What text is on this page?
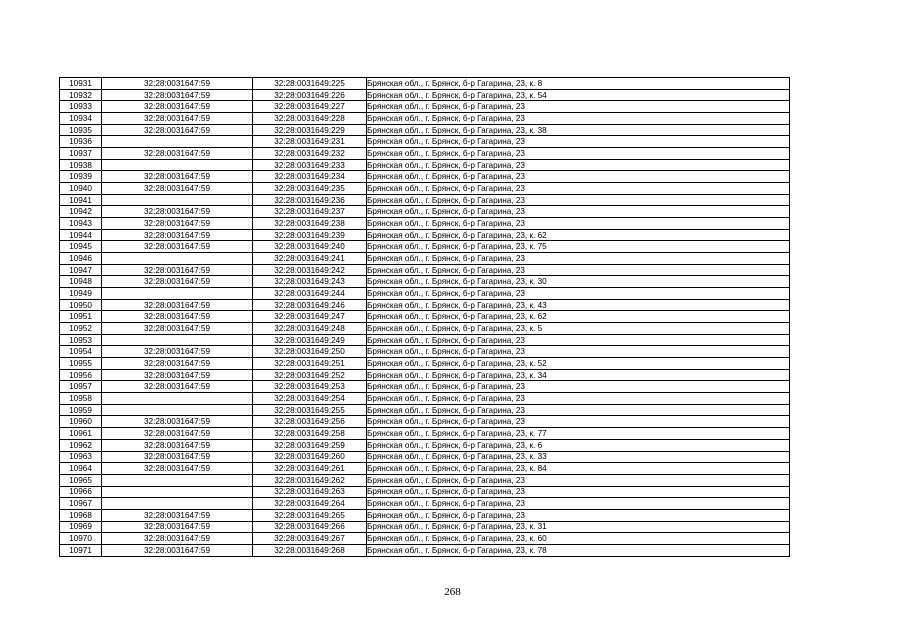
10931	32:28:0031647:59	32:28:0031649:225	Брянская обл., г. Брянск, б-р Гагарина, 23, к. 8
10932	32:28:0031647:59	32:28:0031649:226	Брянская обл., г. Брянск, б-р Гагарина, 23, к. 54
10933	32:28:0031647:59	32:28:0031649:227	Брянская обл., г. Брянск, б-р Гагарина, 23
10934	32:28:0031647:59	32:28:0031649:228	Брянская обл., г. Брянск, б-р Гагарина, 23
10935	32:28:0031647:59	32:28:0031649:229	Брянская обл., г. Брянск, б-р Гагарина, 23, к. 38
10936		32:28:0031649:231	Брянская обл., г. Брянск, б-р Гагарина, 23
10937	32:28:0031647:59	32:28:0031649:232	Брянская обл., г. Брянск, б-р Гагарина, 23
10938		32:28:0031649:233	Брянская обл., г. Брянск, б-р Гагарина, 23
10939	32:28:0031647:59	32:28:0031649:234	Брянская обл., г. Брянск, б-р Гагарина, 23
10940	32:28:0031647:59	32:28:0031649:235	Брянская обл., г. Брянск, б-р Гагарина, 23
10941		32:28:0031649:236	Брянская обл., г. Брянск, б-р Гагарина, 23
10942	32:28:0031647:59	32:28:0031649:237	Брянская обл., г. Брянск, б-р Гагарина, 23
10943	32:28:0031647:59	32:28:0031649:238	Брянская обл., г. Брянск, б-р Гагарина, 23
10944	32:28:0031647:59	32:28:0031649:239	Брянская обл., г. Брянск, б-р Гагарина, 23, к. 62
10945	32:28:0031647:59	32:28:0031649:240	Брянская обл., г. Брянск, б-р Гагарина, 23, к. 75
10946		32:28:0031649:241	Брянская обл., г. Брянск, б-р Гагарина, 23
10947	32:28:0031647:59	32:28:0031649:242	Брянская обл., г. Брянск, б-р Гагарина, 23
10948	32:28:0031647:59	32:28:0031649:243	Брянская обл., г. Брянск, б-р Гагарина, 23, к. 30
10949		32:28:0031649:244	Брянская обл., г. Брянск, б-р Гагарина, 23
10950	32:28:0031647:59	32:28:0031649:246	Брянская обл., г. Брянск, б-р Гагарина, 23, к. 43
10951	32:28:0031647:59	32:28:0031649:247	Брянская обл., г. Брянск, б-р Гагарина, 23, к. 62
10952	32:28:0031647:59	32:28:0031649:248	Брянская обл., г. Брянск, б-р Гагарина, 23, к. 5
10953		32:28:0031649:249	Брянская обл., г. Брянск, б-р Гагарина, 23
10954	32:28:0031647:59	32:28:0031649:250	Брянская обл., г. Брянск, б-р Гагарина, 23
10955	32:28:0031647:59	32:28:0031649:251	Брянская обл., г. Брянск, б-р Гагарина, 23, к. 52
10956	32:28:0031647:59	32:28:0031649:252	Брянская обл., г. Брянск, б-р Гагарина, 23, к. 34
10957	32:28:0031647:59	32:28:0031649:253	Брянская обл., г. Брянск, б-р Гагарина, 23
10958		32:28:0031649:254	Брянская обл., г. Брянск, б-р Гагарина, 23
10959		32:28:0031649:255	Брянская обл., г. Брянск, б-р Гагарина, 23
10960	32:28:0031647:59	32:28:0031649:256	Брянская обл., г. Брянск, б-р Гагарина, 23
10961	32:28:0031647:59	32:28:0031649:258	Брянская обл., г. Брянск, б-р Гагарина, 23, к. 77
10962	32:28:0031647:59	32:28:0031649:259	Брянская обл., г. Брянск, б-р Гагарина, 23, к. 6
10963	32:28:0031647:59	32:28:0031649:260	Брянская обл., г. Брянск, б-р Гагарина, 23, к. 33
10964	32:28:0031647:59	32:28:0031649:261	Брянская обл., г. Брянск, б-р Гагарина, 23, к. 84
10965		32:28:0031649:262	Брянская обл., г. Брянск, б-р Гагарина, 23
10966		32:28:0031649:263	Брянская обл., г. Брянск, б-р Гагарина, 23
10967		32:28:0031649:264	Брянская обл., г. Брянск, б-р Гагарина, 23
10968	32:28:0031647:59	32:28:0031649:265	Брянская обл., г. Брянск, б-р Гагарина, 23
10969	32:28:0031647:59	32:28:0031649:266	Брянская обл., г. Брянск, б-р Гагарина, 23, к. 31
10970	32:28:0031647:59	32:28:0031649:267	Брянская обл., г. Брянск, б-р Гагарина, 23, к. 60
10971	32:28:0031647:59	32:28:0031649:268	Брянская обл., г. Брянск, б-р Гагарина, 23, к. 78
268
